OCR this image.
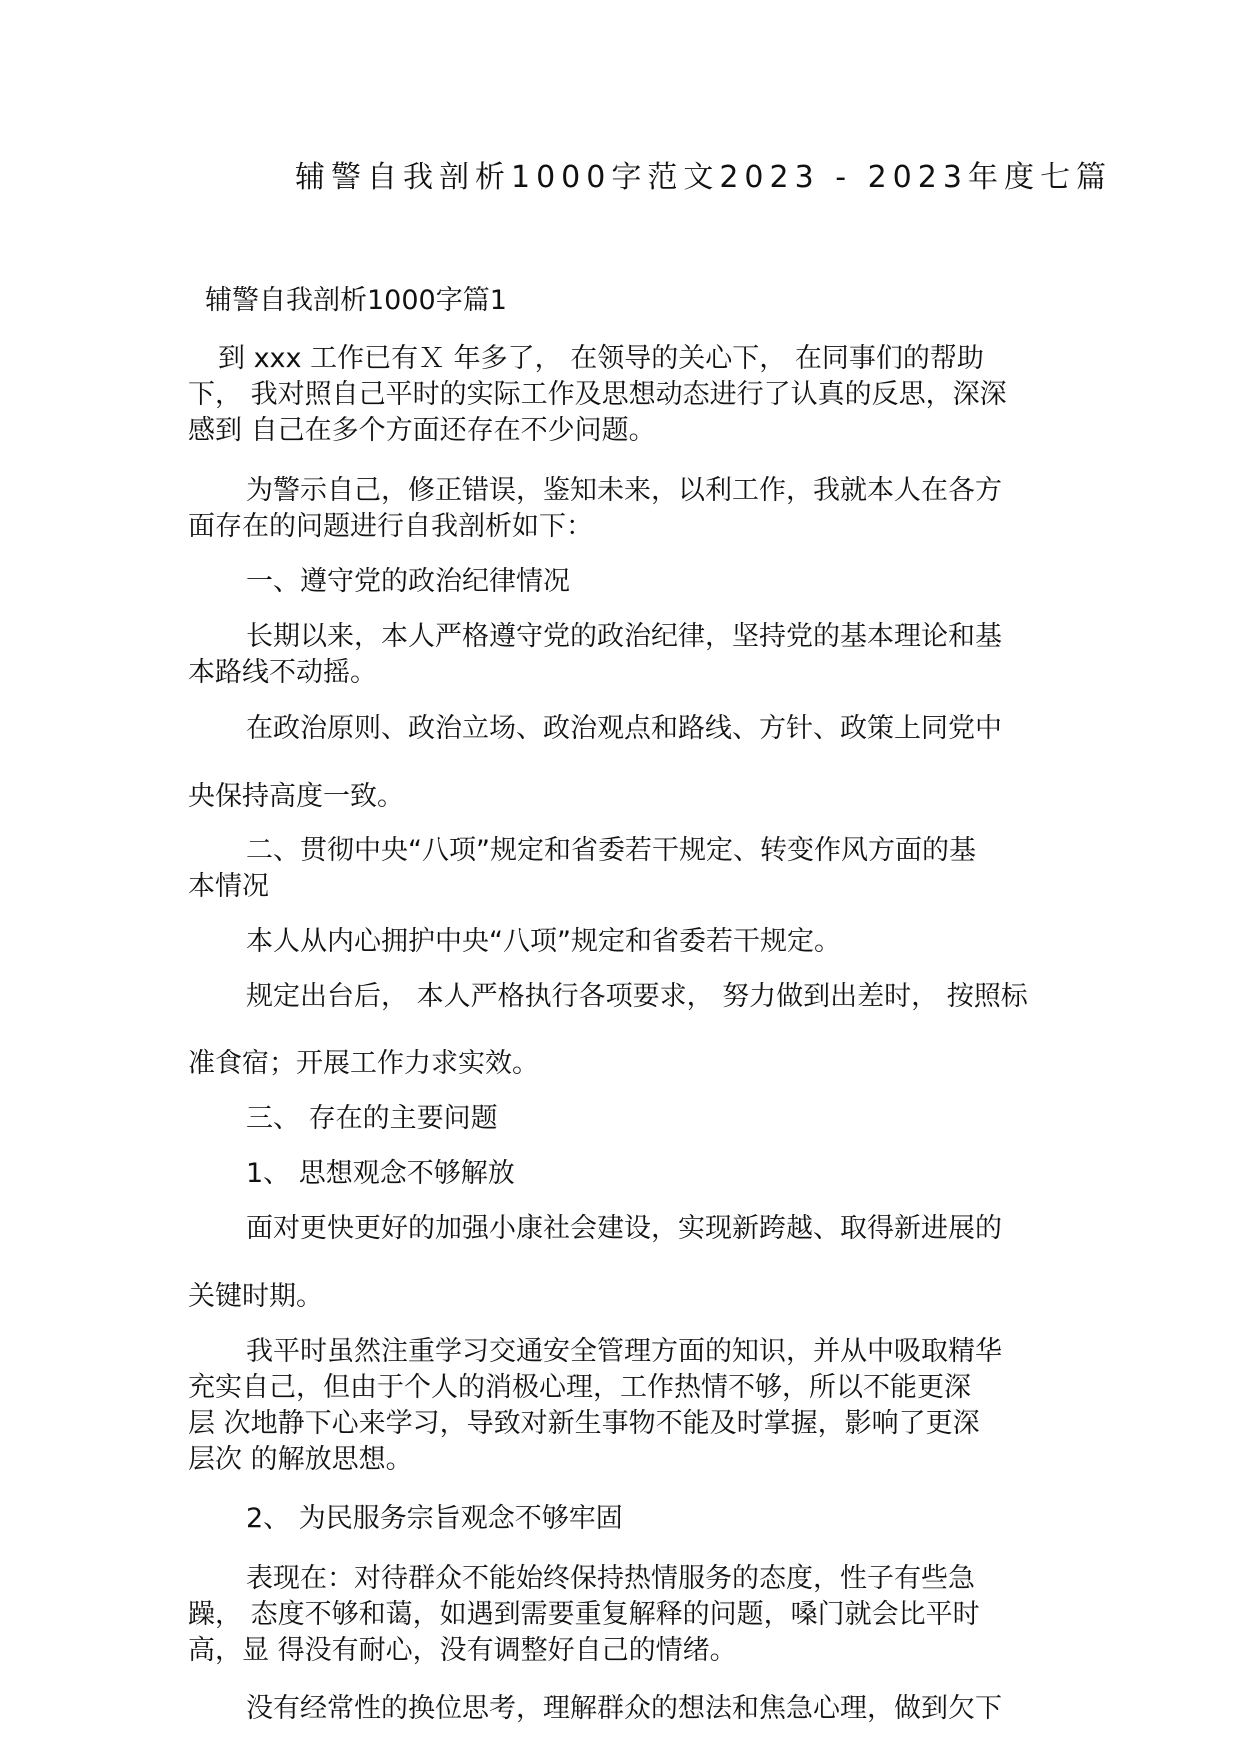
辅警自我剖析1000字范文2023 - 2023年度七篇
辅警自我剖析1000字篇1

到 xxx 工作已有Ｘ 年多了， 在领导的关心下， 在同事们的帮助

下， 我对照自己平时的实际工作及思想动态进行了认真的反思，深深

感到 自己在多个方面还存在不少问题。

为警示自己，修正错误，鉴知未来，以利工作，我就本人在各方

面存在的问题进行自我剖析如下：

一、遵守党的政治纪律情况

长期以来，本人严格遵守党的政治纪律，坚持党的基本理论和基

本路线不动摇。

在政治原则、政治立场、政治观点和路线、方针、政策上同党中

央保持高度一致。

二、贯彻中央“八项”规定和省委若干规定、转变作风方面的基

本情况

本人从内心拥护中央“八项”规定和省委若干规定。

规定出台后， 本人严格执行各项要求， 努力做到出差时， 按照标

准食宿；开展工作力求实效。

三、 存在的主要问题

1、 思想观念不够解放

面对更快更好的加强小康社会建设，实现新跨越、取得新进展的

关键时期。

我平时虽然注重学习交通安全管理方面的知识，并从中吸取精华

充实自己，但由于个人的消极心理，工作热情不够，所以不能更深

层 次地静下心来学习，导致对新生事物不能及时掌握，影响了更深

层次 的解放思想。

2、 为民服务宗旨观念不够牢固

表现在：对待群众不能始终保持热情服务的态度，性子有些急

躁， 态度不够和蔼，如遇到需要重复解释的问题，嗓门就会比平时

高，显 得没有耐心，没有调整好自己的情绪。

没有经常性的换位思考，理解群众的想法和焦急心理，做到欠下
